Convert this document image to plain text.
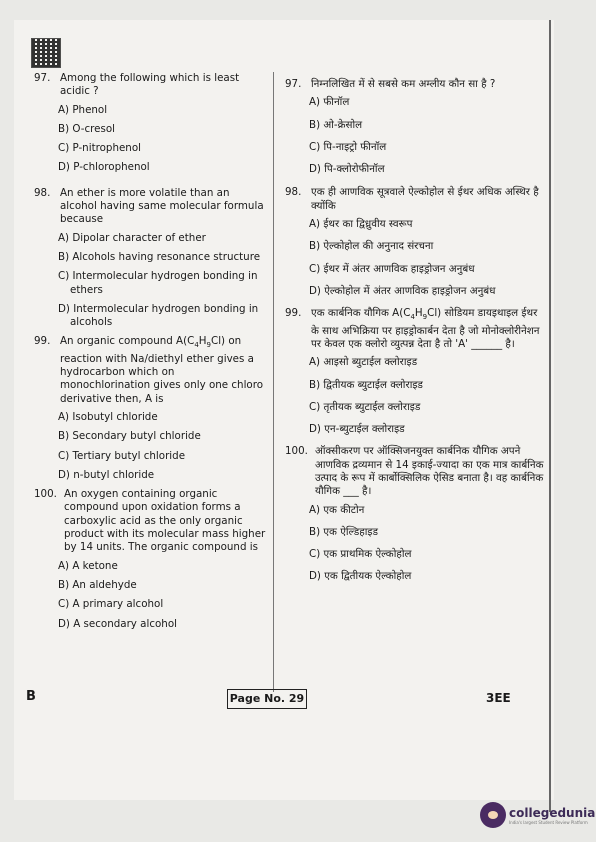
97. Among the following which is least acidic ?
A) Phenol
B) O-cresol
C) P-nitrophenol
D) P-chlorophenol
98. An ether is more volatile than an alcohol having same molecular formula because
A) Dipolar character of ether
B) Alcohols having resonance structure
C) Intermolecular hydrogen bonding in ethers
D) Intermolecular hydrogen bonding in alcohols
99. An organic compound $A(C_4H_9Cl)$ on reaction with Na/diethyl ether gives a hydrocarbon which on monochlorination gives only one chloro derivative then, A is
A) Isobutyl chloride
B) Secondary butyl chloride
C) Tertiary butyl chloride
D) n-butyl chloride
100. An oxygen containing organic compound upon oxidation forms a carboxylic acid as the only organic product with its molecular mass higher by 14 units. The organic compound is
A) A ketone
B) An aldehyde
C) A primary alcohol
D) A secondary alcohol
97. निम्नलिखित में से सबसे कम अम्लीय कौन सा है ?
A) फीनॉल
B) ओ-क्रेसोल
C) पि-नाइट्रो फीनॉल
D) पि-क्लोरोफीनॉल
98. एक ही आणविक सूत्रवाले ऐल्कोहोल से ईथर अधिक अस्थिर है क्योंकि
A) ईथर का द्विध्रुवीय स्वरूप
B) ऐल्कोहोल की अनुनाद संरचना
C) ईथर में अंतर आणविक हाइड्रोजन अनुबंध
D) ऐल्कोहोल में अंतर आणविक हाइड्रोजन अनुबंध
99. एक कार्बनिक यौगिक $A(C_4H_9Cl)$ सोडियम डायइथाइल ईथर के साथ अभिक्रिया पर हाइड्रोकार्बन देता है जो मोनोक्लोरीनेशन पर केवल एक क्लोरो व्युत्पन्न देता है तो 'A' ______ है।
A) आइसो ब्युटाईल क्लोराइड
B) द्वितीयक ब्युटाईल क्लोराइड
C) तृतीयक ब्युटाईल क्लोराइड
D) एन-ब्युटाईल क्लोराइड
100. ऑक्सीकरण पर ऑक्सिजनयुक्त कार्बनिक यौगिक अपने आणविक द्रव्यमान से 14 इकाई-ज्यादा का एक मात्र कार्बनिक उत्पाद के रूप में कार्बोक्सिलिक ऐसिड बनाता है। वह कार्बनिक यौगिक ___ है।
A) एक कीटोन
B) एक ऐल्डिहाइड
C) एक प्राथमिक ऐल्कोहोल
D) एक द्वितीयक ऐल्कोहोल
B	Page No. 29	3EE
collegedunia
India's largest Student Review Platform
